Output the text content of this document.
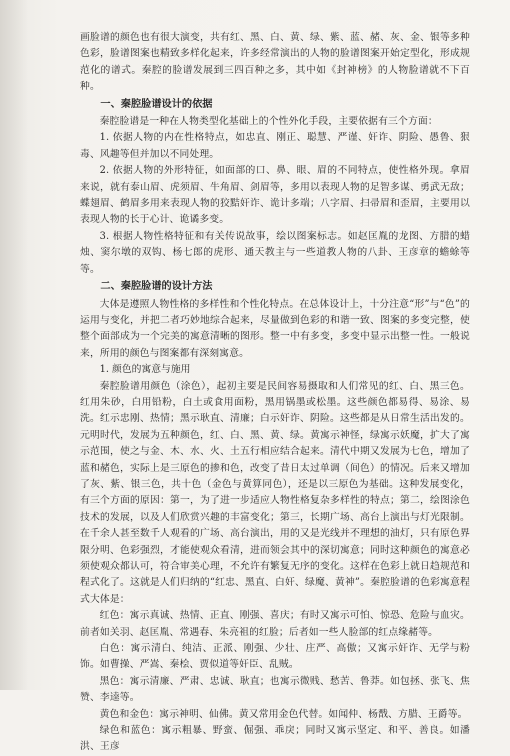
画脸谱的颜色也有很大演变，共有红、黑、白、黄、绿、紫、蓝、赭、灰、金、银等多种色彩，脸谱图案也精致多样化起来，许多经常演出的人物的脸谱图案开始定型化，形成规范化的谱式。秦腔的脸谱发展到三四百种之多，其中如《封神榜》的人物脸谱就不下百种。

一、秦腔脸谱设计的依据

秦腔脸谱是一种在人物类型化基础上的个性外化手段，主要依据有三个方面：

1. 依据人物的内在性格特点，如忠直、刚正、聪慧、严谨、奸诈、阴险、愚鲁、狠毒、风趣等但并加以不同处理。

2. 依据人物的外形特征，如面部的口、鼻、眼、眉的不同特点，使性格外现。拿眉来说，就有泰山眉、虎须眉、牛角眉、剑眉等，多用以表现人物的足智多谋、勇武无敌；蝶翅眉、鹤眉多用来表现人物的狡黠奸诈、诡计多端；八字眉、扫帚眉和歪眉，主要用以表现人物的长于心计、诡谲多变。

3. 根据人物性格特征和有关传说故事，绘以图案标志。如赵匡胤的龙图、方腊的蜡烛、窦尔墩的双钩、杨七郎的虎形、通天教主与一些道教人物的八卦、王彦章的蟾蜍等等。

二、秦腔脸谱的设计方法

大体是遵照人物性格的多样性和个性化特点。在总体设计上，十分注意“形”与“色”的运用与变化，并把二者巧妙地综合起来，尽量做到色彩的和谐一致、图案的多变完整，使整个面部成为一个完美的寓意清晰的图形。整一中有多变，多变中显示出整一性。一般说来，所用的颜色与图案都有深刻寓意。

1. 颜色的寓意与施用

秦腔脸谱用颜色（涂色），起初主要是民间容易摄取和人们常见的红、白、黑三色。红用朱砂，白用铅粉，白土或食用面粉，黑用锅墨或松墨。这些颜色都易得、易涂、易洗。红示忠刚、热情；黑示耿直、清廉；白示奸诈、阴险。这些都是从日常生活出发的。元明时代，发展为五种颜色，红、白、黑、黄、绿。黄寓示神怪，绿寓示妖魔，扩大了寓示范围，使之与金、木、水、火、土五行相应结合起来。清代中期又发展为七色，增加了蓝和赭色，实际上是三原色的掺和色，改变了昔日太过单调（间色）的情况。后来又增加了灰、紫、银三色，共十色（金色与黄算同色），还是以三原色为基础。这种发展变化，有三个方面的原因：第一，为了进一步适应人物性格复杂多样性的特点；第二，绘图涂色技术的发展，以及人们欣赏兴趣的丰富变化；第三，长期广场、高台上演出与灯光限制。在千余人甚至数千人观看的广场、高台演出，用的又是光线并不理想的油灯，只有原色界限分明、色彩强烈，才能使观众看清，进而领会其中的深切寓意；同时这种颜色的寓意必须使观众都认可，符合审美心理，不允许有繁复无序的变化。这样在色彩上就日趋规范和程式化了。这就是人们归纳的“红忠、黑直、白奸、绿魔、黄神”。秦腔脸谱的色彩寓意程式大体是：

红色：寓示真诚、热情、正直、刚强、喜庆；有时又寓示可怕、惊恐、危险与血灾。前者如关羽、赵匡胤、常遇春、朱亮祖的红脸；后者如一些人脸部的红点缘赭等。

白色：寓示清白、纯洁、正派、刚强、少壮、庄严、高傲；又寓示奸诈、无学与粉饰。如曹操、严嵩、秦桧、贾似道等奸臣、乱贼。

黑色：寓示清廉、严肃、忠诚、耿直；也寓示微贱、愁苦、鲁莽。如包拯、张飞、焦赞、李逵等。

黄色和金色：寓示神明、仙佛。黄又常用金色代替。如闻仲、杨戬、方腊、王爵等。

绿色和蓝色：寓示粗暴、野蛮、倔强、乖戾；同时又寓示坚定、和平、善良。如潘洪、王彦
